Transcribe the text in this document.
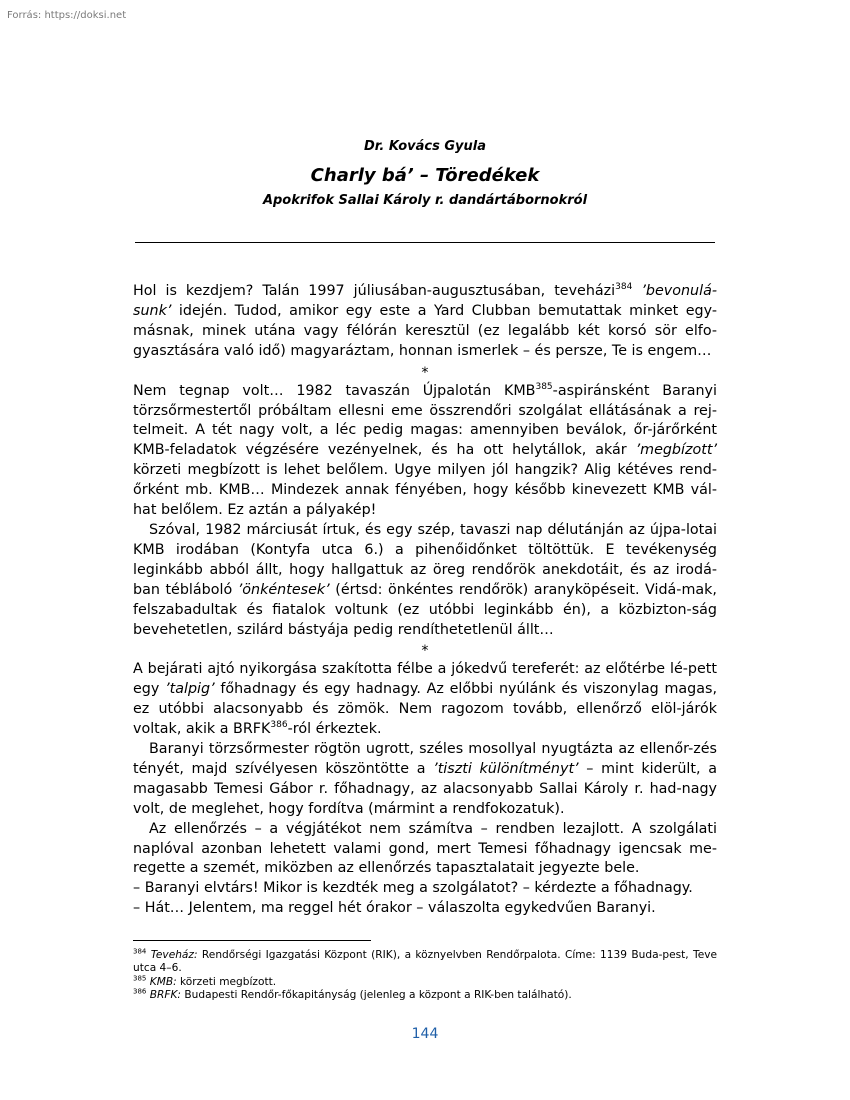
Forrás: https://doksi.net
Dr. Kovács Gyula
Charly bá’ – Töredékek
Apokrifok Sallai Károly r. dandártábornokról

Hol is kezdjem? Talán 1997 júliusában-augusztusában, teveházi$^{384}$ ’bevonulá-sunk’ idején. Tudod, amikor egy este a Yard Clubban bemutattak minket egy-másnak, minek utána vagy félórán keresztül (ez legalább két korsó sör elfo-gyasztására való idő) magyaráztam, honnan ismerlek – és persze, Te is engem…

*

Nem tegnap volt… 1982 tavaszán Újpalotán KMB$^{385}$-aspiránsként Baranyi törzsőrmestertől próbáltam ellesni eme összrendőri szolgálat ellátásának a rej-telmeit. A tét nagy volt, a léc pedig magas: amennyiben beválok, őr-járőrként KMB-feladatok végzésére vezényelnek, és ha ott helytállok, akár ’megbízott’ körzeti megbízott is lehet belőlem. Ugye milyen jól hangzik? Alig kétéves rend-őrként mb. KMB… Mindezek annak fényében, hogy később kinevezett KMB vál-hat belőlem. Ez aztán a pályakép!

Szóval, 1982 márciusát írtuk, és egy szép, tavaszi nap délutánján az újpa-lotai KMB irodában (Kontyfa utca 6.) a pihenőidőnket töltöttük. E tevékenység leginkább abból állt, hogy hallgattuk az öreg rendőrök anekdotáit, és az irodá-ban tébláboló ’önkéntesek’ (értsd: önkéntes rendőrök) aranyköpéseit. Vidá-mak, felszabadultak és fiatalok voltunk (ez utóbbi leginkább én), a közbizton-ság bevehetetlen, szilárd bástyája pedig rendíthetetlenül állt…

*

A bejárati ajtó nyikorgása szakította félbe a jókedvű tereferét: az előtérbe lé-pett egy ’talpig’ főhadnagy és egy hadnagy. Az előbbi nyúlánk és viszonylag magas, ez utóbbi alacsonyabb és zömök. Nem ragozom tovább, ellenőrző elöl-járók voltak, akik a BRFK$^{386}$-ról érkeztek.

Baranyi törzsőrmester rögtön ugrott, széles mosollyal nyugtázta az ellenőr-zés tényét, majd szívélyesen köszöntötte a ’tiszti különítményt’ – mint kiderült, a magasabb Temesi Gábor r. főhadnagy, az alacsonyabb Sallai Károly r. had-nagy volt, de meglehet, hogy fordítva (mármint a rendfokozatuk).

Az ellenőrzés – a végjátékot nem számítva – rendben lezajlott. A szolgálati naplóval azonban lehetett valami gond, mert Temesi főhadnagy igencsak me-regette a szemét, miközben az ellenőrzés tapasztalatait jegyezte bele.

– Baranyi elvtárs! Mikor is kezdték meg a szolgálatot? – kérdezte a főhadnagy.

– Hát… Jelentem, ma reggel hét órakor – válaszolta egykedvűen Baranyi.

$^{384}$ Teveház: Rendőrségi Igazgatási Központ (RIK), a köznyelvben Rendőrpalota. Címe: 1139 Buda-pest, Teve utca 4–6.

$^{385}$ KMB: körzeti megbízott.

$^{386}$ BRFK: Budapesti Rendőr-főkapitányság (jelenleg a központ a RIK-ben található).

144
